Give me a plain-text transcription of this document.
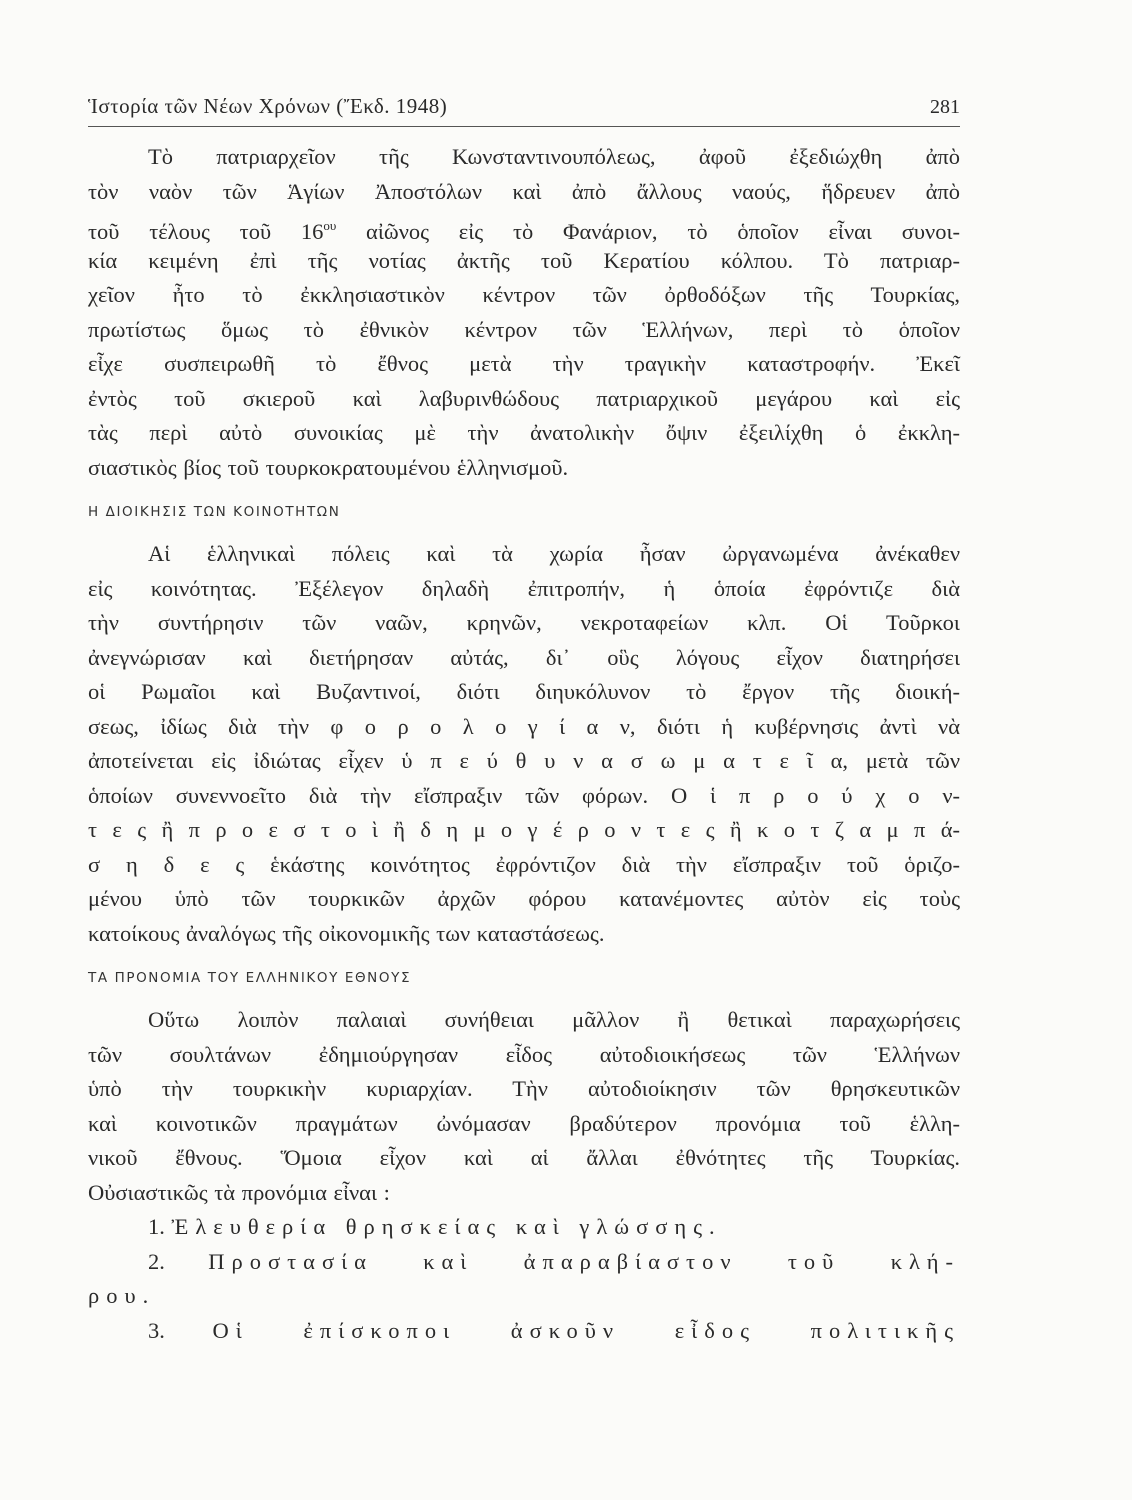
Ἱστορία τῶν Νέων Χρόνων (Ἔκδ. 1948)	281
Τὸ πατριαρχεῖον τῆς Κωνσταντινουπόλεως, ἀφοῦ ἐξεδιώχθη ἀπὸ
τὸν ναὸν τῶν Ἁγίων Ἀποστόλων καὶ ἀπὸ ἄλλους ναούς, ἥδρευεν ἀπὸ
τοῦ τέλους τοῦ $16^{o\upsilon}$ αἰῶνος εἰς τὸ Φανάριον, τὸ ὁποῖον εἶναι συνοι-
κία κειμένη ἐπὶ τῆς νοτίας ἀκτῆς τοῦ Κερατίου κόλπου. Τὸ πατριαρ-
χεῖον ἦτο τὸ ἐκκλησιαστικὸν κέντρον τῶν ὀρθοδόξων τῆς Τουρκίας,
πρωτίστως ὅμως τὸ ἐθνικὸν κέντρον τῶν Ἑλλήνων, περὶ τὸ ὁποῖον
εἶχε συσπειρωθῆ τὸ ἔθνος μετὰ τὴν τραγικὴν καταστροφήν. Ἐκεῖ
ἐντὸς τοῦ σκιεροῦ καὶ λαβυρινθώδους πατριαρχικοῦ μεγάρου καὶ εἰς
τὰς περὶ αὐτὸ συνοικίας μὲ τὴν ἀνατολικὴν ὄψιν ἐξειλίχθη ὁ ἐκκλη-
σιαστικὸς βίος τοῦ τουρκοκρατουμένου ἑλληνισμοῦ.
Η ΔΙΟΙΚΗΣΙΣ ΤΩΝ ΚΟΙΝΟΤΗΤΩΝ
Αἱ ἑλληνικαὶ πόλεις καὶ τὰ χωρία ἦσαν ὠργανωμένα ἀνέκαθεν
εἰς κοινότητας. Ἐξέλεγον δηλαδὴ ἐπιτροπήν, ἡ ὁποία ἐφρόντιζε διὰ
τὴν συντήρησιν τῶν ναῶν, κρηνῶν, νεκροταφείων κλπ. Οἱ Τοῦρκοι
ἀνεγνώρισαν καὶ διετήρησαν αὐτάς, δι᾿ οὓς λόγους εἶχον διατηρήσει
οἱ Ρωμαῖοι καὶ Βυζαντινοί, διότι διηυκόλυνον τὸ ἔργον τῆς διοική-
σεως, ἰδίως διὰ τὴν φ ο ρ ο λ ο γ ί α ν, διότι ἡ κυβέρνησις ἀντὶ νὰ
ἀποτείνεται εἰς ἰδιώτας εἶχεν ὑ π ε ύ θ υ ν α σ ω μ α τ ε ῖ α, μετὰ τῶν
ὁποίων συνεννοεῖτο διὰ τὴν εἴσπραξιν τῶν φόρων. Ο ἱ π ρ ο ύ χ ο ν-
τ ε ς ἢ π ρ ο ε σ τ ο ὶ ἢ δ η μ ο γ έ ρ ο ν τ ε ς ἢ κ ο τ ζ α μ π ά-
σ η δ ε ς ἑκάστης κοινότητος ἐφρόντιζον διὰ τὴν εἴσπραξιν τοῦ ὁριζο-
μένου ὑπὸ τῶν τουρκικῶν ἀρχῶν φόρου κατανέμοντες αὐτὸν εἰς τοὺς
κατοίκους ἀναλόγως τῆς οἰκονομικῆς των καταστάσεως.
ΤΑ ΠΡΟΝΟΜΙΑ ΤΟΥ ΕΛΛΗΝΙΚΟΥ ΕΘΝΟΥΣ
Οὕτω λοιπὸν παλαιαὶ συνήθειαι μᾶλλον ἢ θετικαὶ παραχωρήσεις
τῶν σουλτάνων ἐδημιούργησαν εἶδος αὐτοδιοικήσεως τῶν Ἑλλήνων
ὑπὸ τὴν τουρκικὴν κυριαρχίαν. Τὴν αὐτοδιοίκησιν τῶν θρησκευτικῶν
καὶ κοινοτικῶν πραγμάτων ὠνόμασαν βραδύτερον προνόμια τοῦ ἑλλη-
νικοῦ ἔθνους. Ὅμοια εἶχον καὶ αἱ ἄλλαι ἐθνότητες τῆς Τουρκίας.
Οὐσιαστικῶς τὰ προνόμια εἶναι :
1. Ἐλευθερία θρησκείας καὶ γλώσσης.
2. Προστασία καὶ ἀπαραβίαστον τοῦ κλή-
ρου.
3. Οἱ ἐπίσκοποι ἀσκοῦν εἶδος πολιτικῆς
